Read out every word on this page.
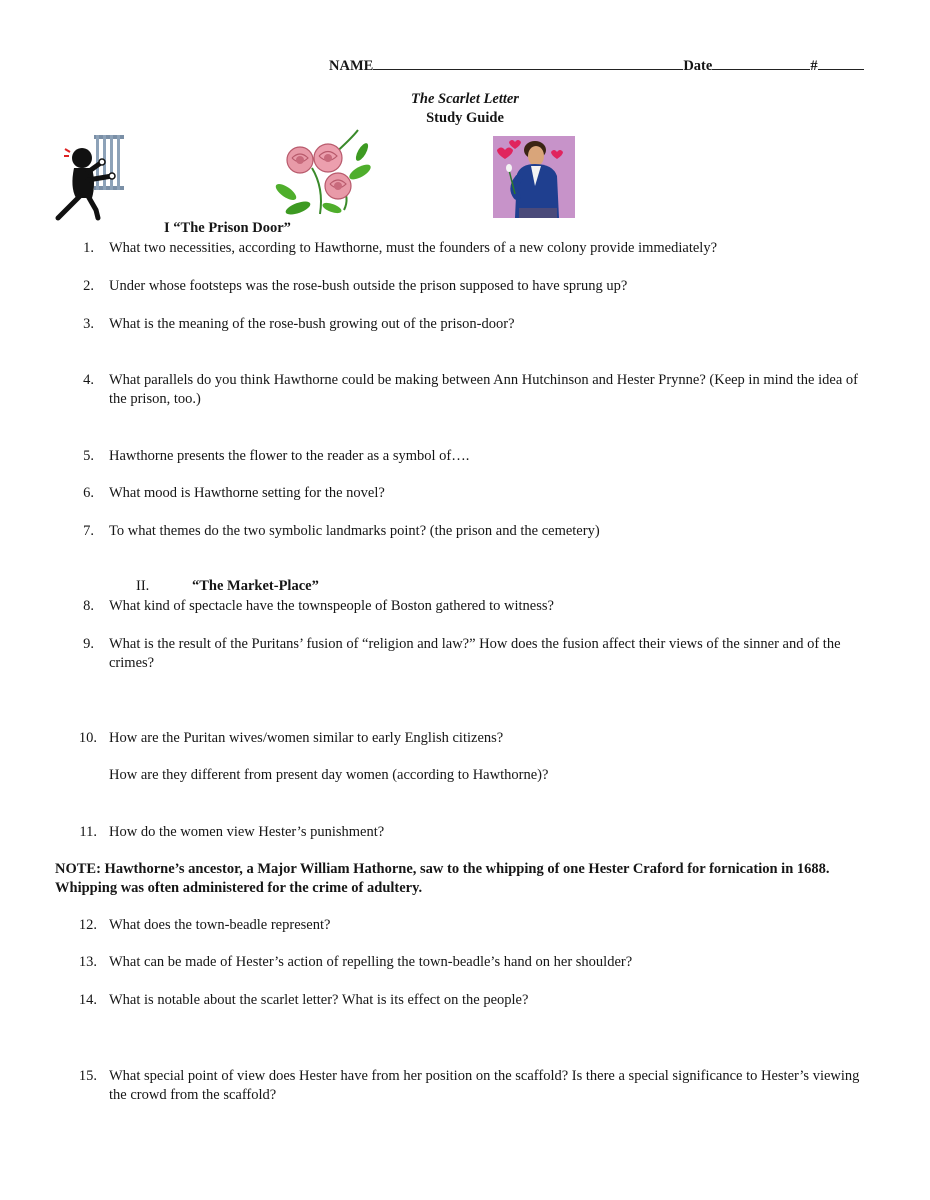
NAME	Date	#
The Scarlet Letter
Study Guide
I “The Prison Door”
1. What two necessities, according to Hawthorne, must the founders of a new colony provide immediately?
2. Under whose footsteps was the rose-bush outside the prison supposed to have sprung up?
3. What is the meaning of the rose-bush growing out of the prison-door?
4. What parallels do you think Hawthorne could be making between Ann Hutchinson and Hester Prynne? (Keep in mind the idea of the prison, too.)
5. Hawthorne presents the flower to the reader as a symbol of….
6. What mood is Hawthorne setting for the novel?
7. To what themes do the two symbolic landmarks point? (the prison and the cemetery)
II.	“The Market-Place”
8. What kind of spectacle have the townspeople of Boston gathered to witness?
9. What is the result of the Puritans’ fusion of “religion and law?” How does the fusion affect their views of the sinner and of the crimes?
10. How are the Puritan wives/women similar to early English citizens?
How are they different from present day women (according to Hawthorne)?
11. How do the women view Hester’s punishment?
NOTE: Hawthorne’s ancestor, a Major William Hathorne, saw to the whipping of one Hester Craford for fornication in 1688. Whipping was often administered for the crime of adultery.
12. What does the town-beadle represent?
13. What can be made of Hester’s action of repelling the town-beadle’s hand on her shoulder?
14. What is notable about the scarlet letter? What is its effect on the people?
15. What special point of view does Hester have from her position on the scaffold? Is there a special significance to Hester’s viewing the crowd from the scaffold?
